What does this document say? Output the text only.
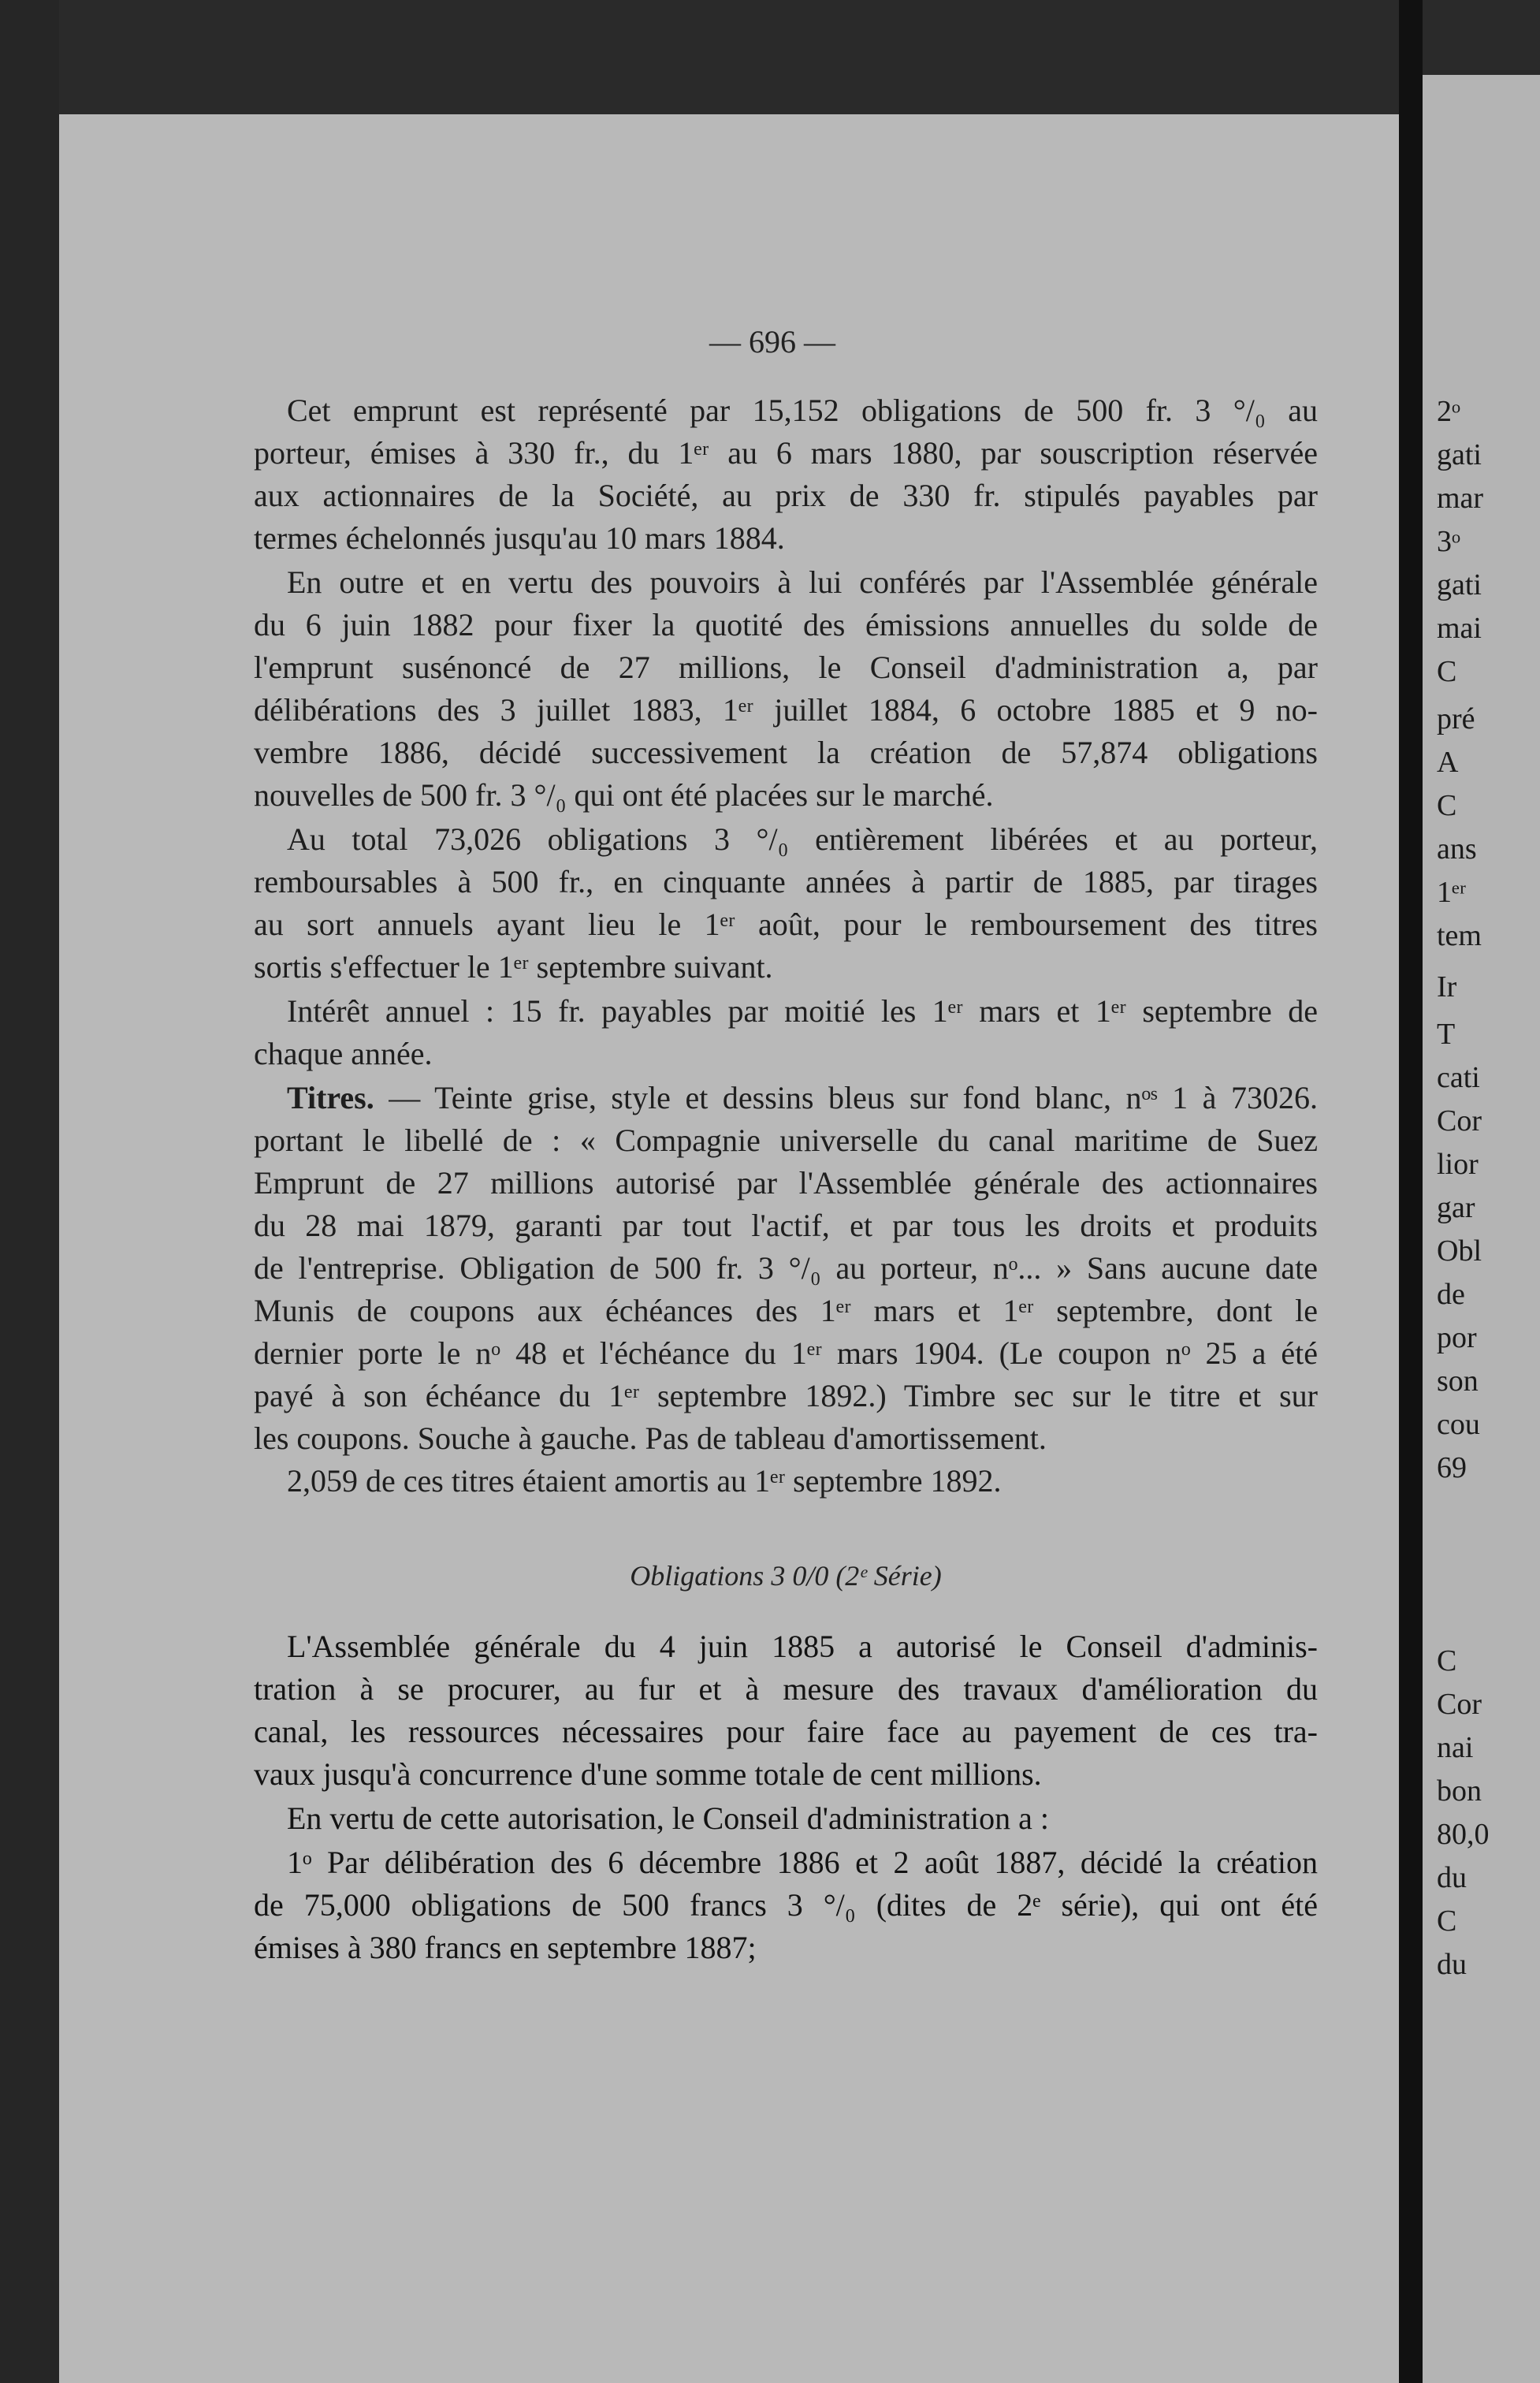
2ᵒ
gati
mar
3ᵒ
gati
mai
C
pré
A
C
ans
1ᵉʳ
tem
Ir
T
cati
Cor
lior
gar
Obl
de
por
son
cou
69
C
Cor
nai
bon
80,0
du
C
du
— 696 —
Cet emprunt est représenté par 15,152 obligations de 500 fr. 3 °/₀ au
porteur, émises à 330 fr., du 1ᵉʳ au 6 mars 1880, par souscription réservée
aux actionnaires de la Société, au prix de 330 fr. stipulés payables par
termes échelonnés jusqu'au 10 mars 1884.
En outre et en vertu des pouvoirs à lui conférés par l'Assemblée générale
du 6 juin 1882 pour fixer la quotité des émissions annuelles du solde de
l'emprunt susénoncé de 27 millions, le Conseil d'administration a, par
délibérations des 3 juillet 1883, 1ᵉʳ juillet 1884, 6 octobre 1885 et 9 no-
vembre 1886, décidé successivement la création de 57,874 obligations
nouvelles de 500 fr. 3 °/₀ qui ont été placées sur le marché.
Au total 73,026 obligations 3 °/₀ entièrement libérées et au porteur,
remboursables à 500 fr., en cinquante années à partir de 1885, par tirages
au sort annuels ayant lieu le 1ᵉʳ août, pour le remboursement des titres
sortis s'effectuer le 1ᵉʳ septembre suivant.
Intérêt annuel : 15 fr. payables par moitié les 1ᵉʳ mars et 1ᵉʳ septembre de
chaque année.
Titres. — Teinte grise, style et dessins bleus sur fond blanc, nᵒˢ 1 à 73026.
portant le libellé de : « Compagnie universelle du canal maritime de Suez
Emprunt de 27 millions autorisé par l'Assemblée générale des actionnaires
du 28 mai 1879, garanti par tout l'actif, et par tous les droits et produits
de l'entreprise. Obligation de 500 fr. 3 °/₀ au porteur, nᵒ... » Sans aucune date
Munis de coupons aux échéances des 1ᵉʳ mars et 1ᵉʳ septembre, dont le
dernier porte le nᵒ 48 et l'échéance du 1ᵉʳ mars 1904. (Le coupon nᵒ 25 a été
payé à son échéance du 1ᵉʳ septembre 1892.) Timbre sec sur le titre et sur
les coupons. Souche à gauche. Pas de tableau d'amortissement.
2,059 de ces titres étaient amortis au 1ᵉʳ septembre 1892.
Obligations 3 0/0 (2ᵉ Série)
L'Assemblée générale du 4 juin 1885 a autorisé le Conseil d'adminis-
tration à se procurer, au fur et à mesure des travaux d'amélioration du
canal, les ressources nécessaires pour faire face au payement de ces tra-
vaux jusqu'à concurrence d'une somme totale de cent millions.
En vertu de cette autorisation, le Conseil d'administration a :
1ᵒ Par délibération des 6 décembre 1886 et 2 août 1887, décidé la création
de 75,000 obligations de 500 francs 3 °/₀ (dites de 2ᵉ série), qui ont été
émises à 380 francs en septembre 1887;
